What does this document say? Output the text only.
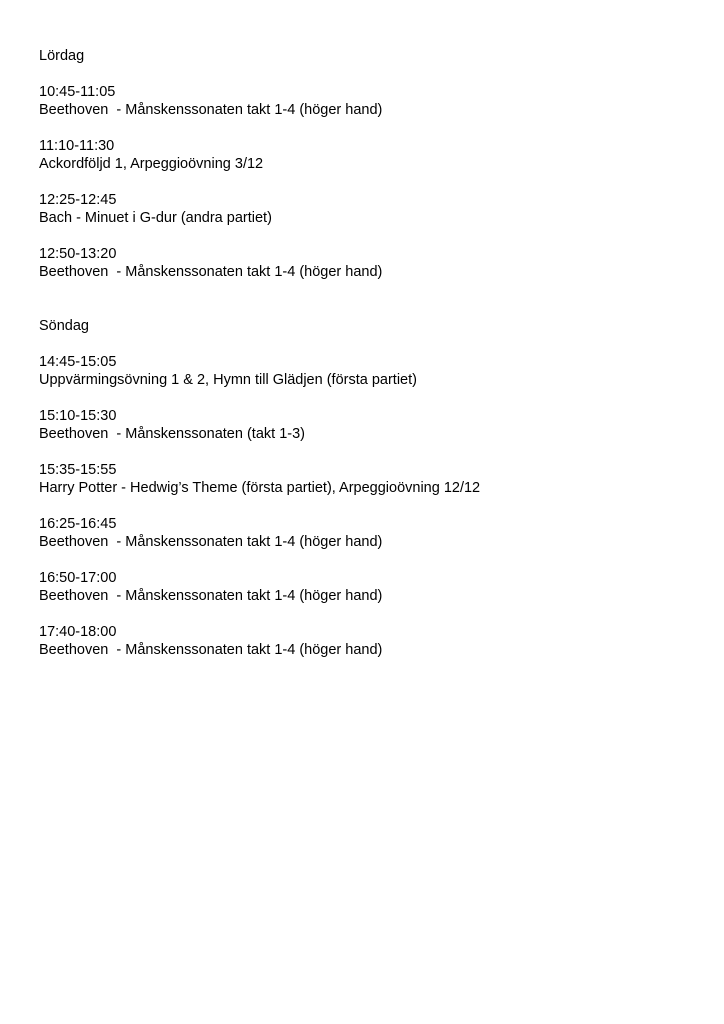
Lördag
10:45-11:05
Beethoven  - Månskenssonaten takt 1-4 (höger hand)
11:10-11:30
Ackordföljd 1, Arpeggioövning 3/12
12:25-12:45
Bach - Minuet i G-dur (andra partiet)
12:50-13:20
Beethoven  - Månskenssonaten takt 1-4 (höger hand)
Söndag
14:45-15:05
Uppvärmingsövning 1 & 2, Hymn till Glädjen (första partiet)
15:10-15:30
Beethoven  - Månskenssonaten (takt 1-3)
15:35-15:55
Harry Potter - Hedwig’s Theme (första partiet), Arpeggioövning 12/12
16:25-16:45
Beethoven  - Månskenssonaten takt 1-4 (höger hand)
16:50-17:00
Beethoven  - Månskenssonaten takt 1-4 (höger hand)
17:40-18:00
Beethoven  - Månskenssonaten takt 1-4 (höger hand)
